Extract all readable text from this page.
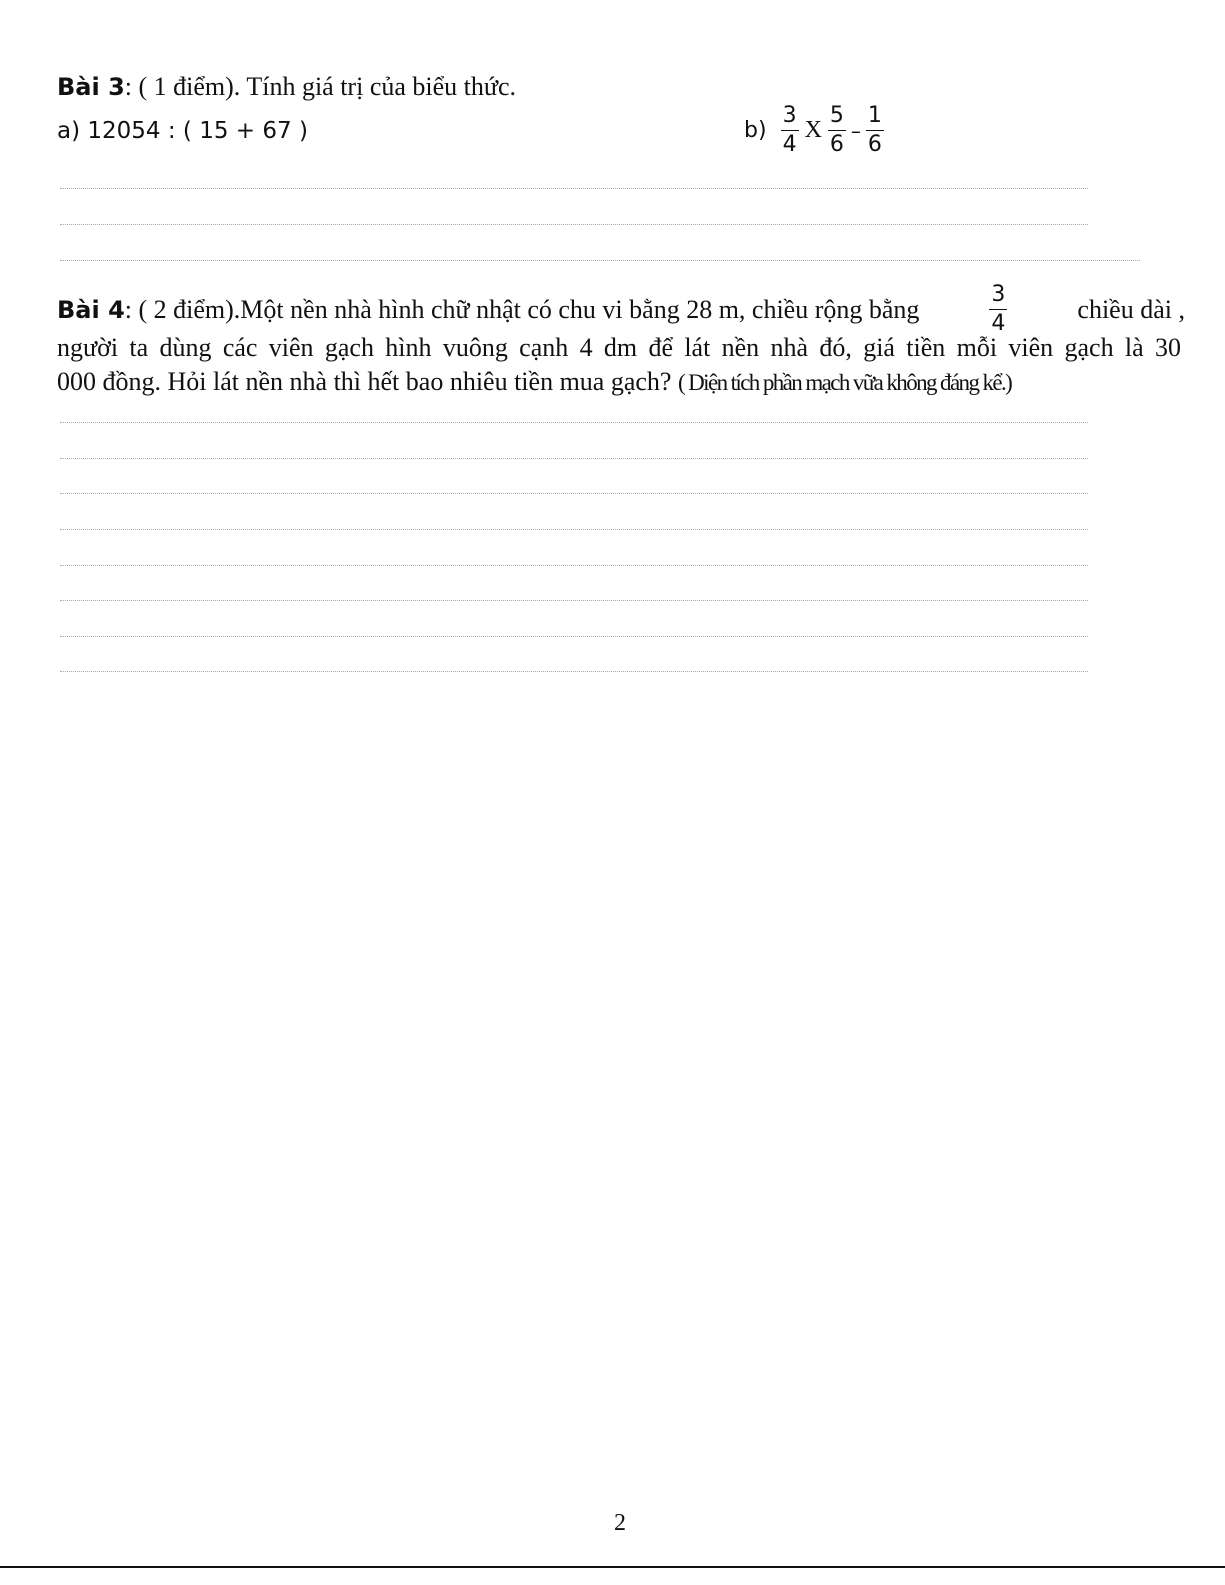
Bài 3: ( 1 điểm). Tính giá trị của biểu thức.
a) 12054 : ( 15 + 67 )	$b) \frac{3}{4}$ X $\frac{5}{6} - \frac{1}{6}$
Bài 4: ( 2 điểm).Một nền nhà hình chữ nhật có chu vi bằng 28 m, chiều rộng bằng	$\frac{3}{4}$	chiều dài ,
người ta dùng các viên gạch hình vuông cạnh 4 dm để lát nền nhà đó, giá tiền mỗi viên gạch là 30
000 đồng. Hỏi lát nền nhà thì hết bao nhiêu tiền mua gạch? ( Diện tích phần mạch vữa không đáng kể.)
2
